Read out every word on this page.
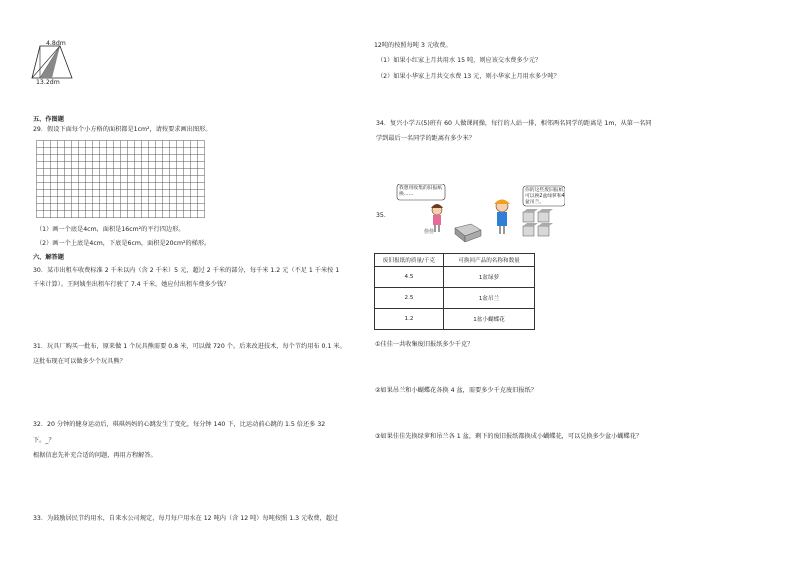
4.8dm
13.2dm
五、作图题
29．假设下面每个小方格的面积都是1cm²，请按要求画出图形。
（1）画一个底是4cm，面积是16cm²的平行四边形。
（2）画一个上底是4cm，下底是6cm，面积是20cm²的梯形。
六、解答题
30．某市出租车收费标准 2 千米以内（含 2 千米）5 元，超过 2 千米的部分，每千米 1.2 元（不足 1 千米按 1
千米计算）。王阿姨坐出租车行驶了 7.4 千米，她应付出租车费多少钱？
31．玩具厂购买一批布，原来做 1 个玩具熊需要 0.8 米，可以做 720 个。后来改进技术，每个节约用布 0.1 米。
这批布现在可以做多少个玩具熊？
32．20 分钟的健身运动后，琪琪妈妈的心跳发生了变化，每分钟 140 下，比运动前心跳的 1.5 倍还多 32
下。_？
根据信息先补充合适的问题，再用方程解答。
33．为鼓励居民节约用水，自来水公司规定，每月每户用水在 12 吨内（含 12 吨）每吨按照 1.3 元收费，超过
12吨的按照每吨 3 元收费。
（1）如果小红家上月共用水 15 吨，则应该交水费多少元？
（2）如果小华家上月共交水费 13 元，则小华家上月用水多少吨？
34．复兴小学五(5)班有 60 人做课间操，每行的人站一排，相邻两名同学的距离是 1m，从第一名同
学到最后一名同学的距离有多少米？
35．
我想用收集的旧报纸换……
你的这些废旧报纸可以换2盆绿萝和4盆吊兰。
佳佳
废旧报纸的质量/千克	可换回产品的名称和数量
4.5	1盆绿萝
2.5	1盆吊兰
1.2	1盆小蝴蝶花
①佳佳一共收集废旧报纸多少千克？
②如果吊兰和小蝴蝶花各换 4 盆，需要多少千克废旧报纸？
③如果佳佳先换绿萝和吊兰各 1 盆，剩下的废旧报纸都换成小蝴蝶花，可以兑换多少盆小蝴蝶花？
